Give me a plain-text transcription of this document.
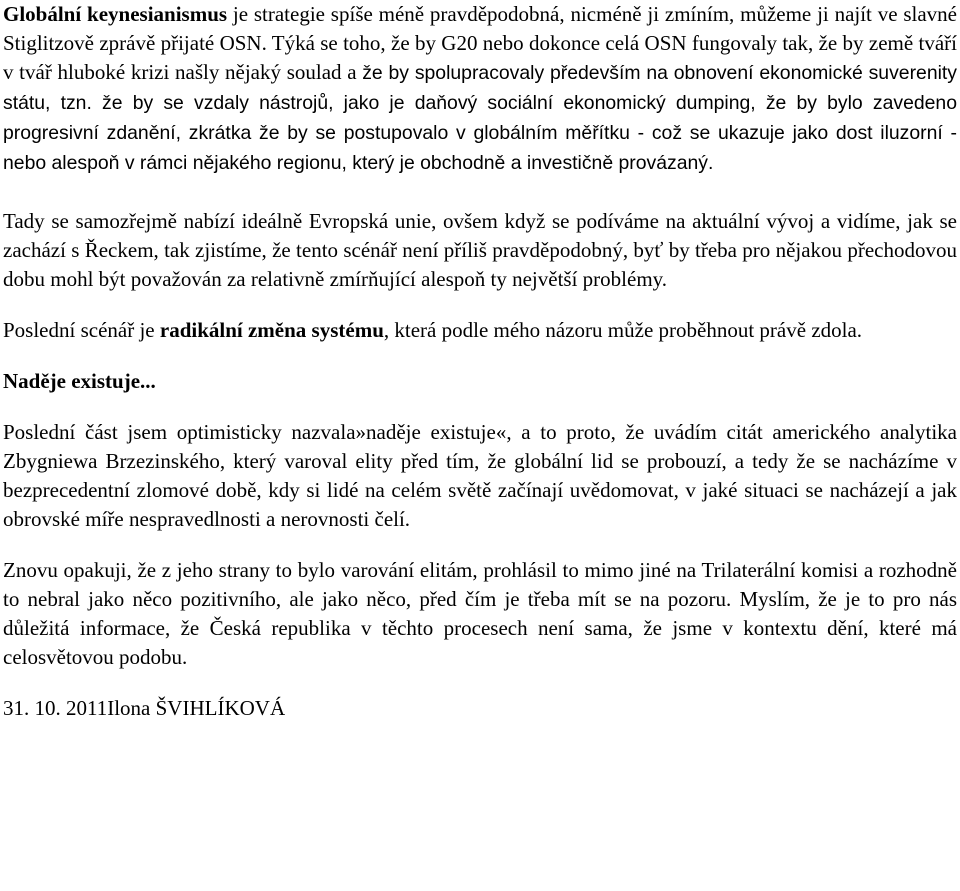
Globální keynesianismus je strategie spíše méně pravděpodobná, nicméně ji zmíním, můžeme ji najít ve slavné Stiglitzově zprávě přijaté OSN. Týká se toho, že by G20 nebo dokonce celá OSN fungovaly tak, že by země tváří v tvář hluboké krizi našly nějaký soulad a že by spolupracovaly především na obnovení ekonomické suverenity státu, tzn. že by se vzdaly nástrojů, jako je daňový sociální ekonomický dumping, že by bylo zavedeno progresivní zdanění, zkrátka že by se postupovalo v globálním měřítku - což se ukazuje jako dost iluzorní - nebo alespoň v rámci nějakého regionu, který je obchodně a investičně provázaný.

Tady se samozřejmě nabízí ideálně Evropská unie, ovšem když se podíváme na aktuální vývoj a vidíme, jak se zachází s Řeckem, tak zjistíme, že tento scénář není příliš pravděpodobný, byť by třeba pro nějakou přechodovou dobu mohl být považován za relativně zmírňující alespoň ty největší problémy.

Poslední scénář je radikální změna systému, která podle mého názoru může proběhnout právě zdola.

Naděje existuje...

Poslední část jsem optimisticky nazvala»naděje existuje«, a to proto, že uvádím citát amerického analytika Zbygniewa Brzezinského, který varoval elity před tím, že globální lid se probouzí, a tedy že se nacházíme v bezprecedentní zlomové době, kdy si lidé na celém světě začínají uvědomovat, v jaké situaci se nacházejí a jak obrovské míře nespravedlnosti a nerovnosti čelí.

Znovu opakuji, že z jeho strany to bylo varování elitám, prohlásil to mimo jiné na Trilaterální komisi a rozhodně to nebral jako něco pozitivního, ale jako něco, před čím je třeba mít se na pozoru. Myslím, že je to pro nás důležitá informace, že Česká republika v těchto procesech není sama, že jsme v kontextu dění, které má celosvětovou podobu.

31. 10. 2011Ilona ŠVIHLÍKOVÁ
